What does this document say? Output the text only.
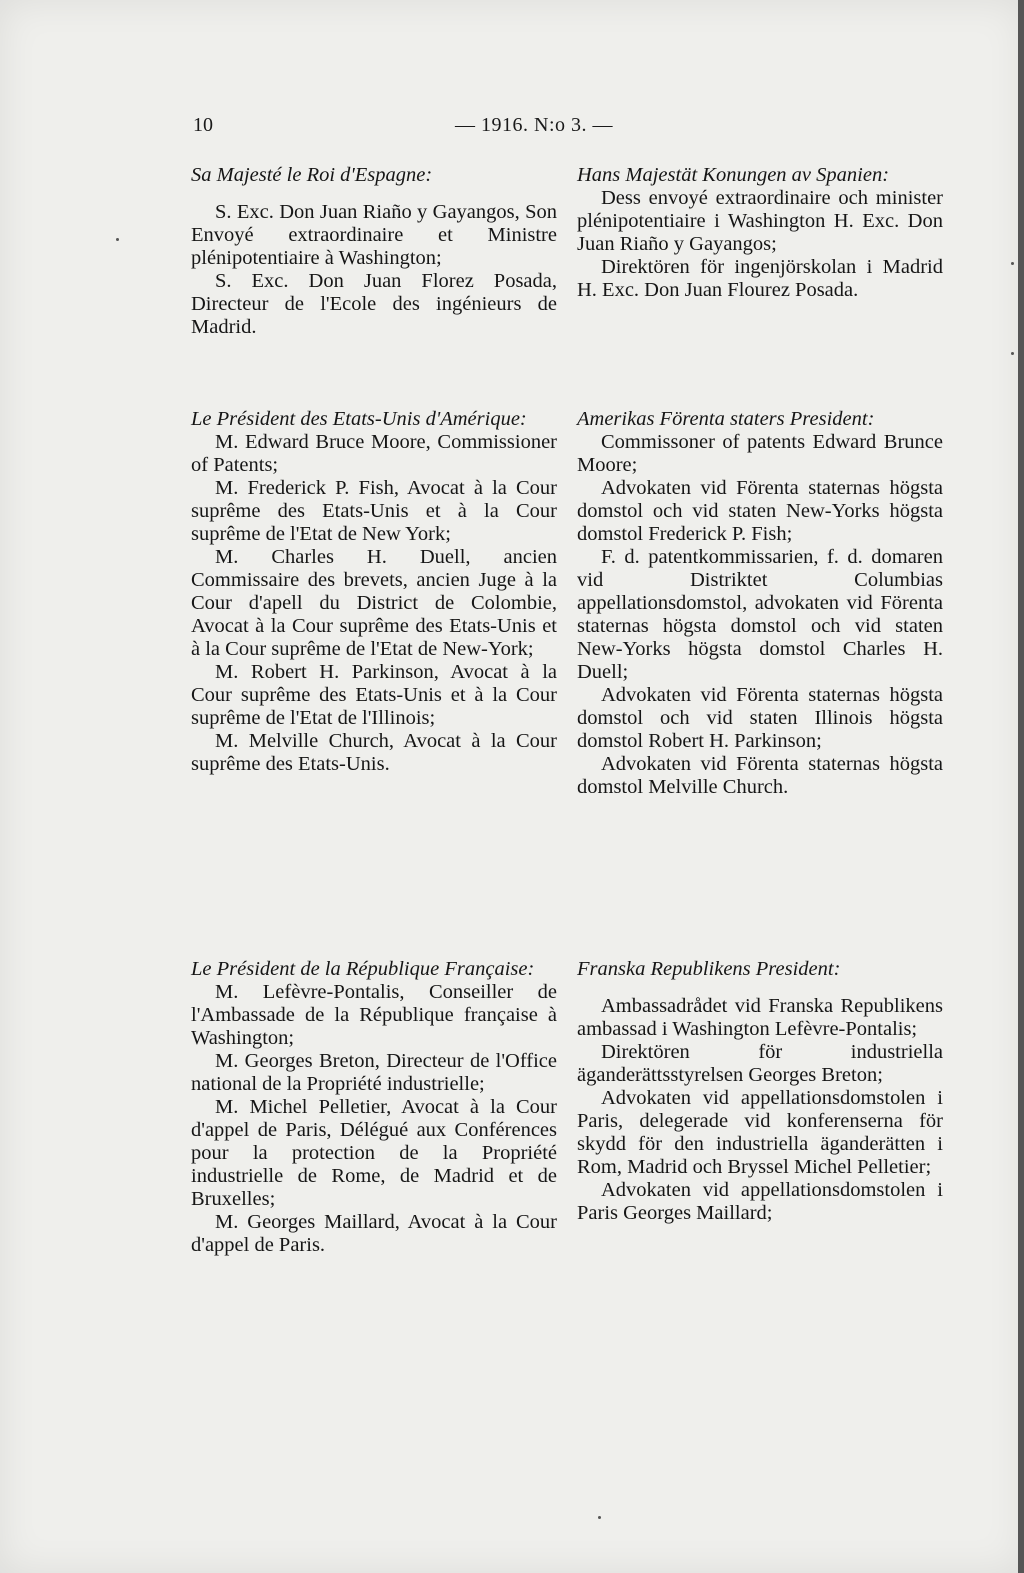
10	— 1916. N:o 3. —

Sa Majesté le Roi d'Espagne:

S. Exc. Don Juan Riaño y Gayangos, Son Envoyé extraordinaire et Ministre plénipotentiaire à Washington;

S. Exc. Don Juan Florez Posada, Directeur de l'Ecole des ingénieurs de Madrid.

Le Président des Etats-Unis d'Amérique:

M. Edward Bruce Moore, Commissioner of Patents;

M. Frederick P. Fish, Avocat à la Cour suprême des Etats-Unis et à la Cour suprême de l'Etat de New York;

M. Charles H. Duell, ancien Commissaire des brevets, ancien Juge à la Cour d'apell du District de Colombie, Avocat à la Cour suprême des Etats-Unis et à la Cour suprême de l'Etat de New-York;

M. Robert H. Parkinson, Avocat à la Cour suprême des Etats-Unis et à la Cour suprême de l'Etat de l'Illinois;

M. Melville Church, Avocat à la Cour suprême des Etats-Unis.

Le Président de la République Française:

M. Lefèvre-Pontalis, Conseiller de l'Ambassade de la République française à Washington;

M. Georges Breton, Directeur de l'Office national de la Propriété industrielle;

M. Michel Pelletier, Avocat à la Cour d'appel de Paris, Délégué aux Conférences pour la protection de la Propriété industrielle de Rome, de Madrid et de Bruxelles;

M. Georges Maillard, Avocat à la Cour d'appel de Paris.

Hans Majestät Konungen av Spanien:

Dess envoyé extraordinaire och minister plénipotentiaire i Washington H. Exc. Don Juan Riaño y Gayangos;

Direktören för ingenjörskolan i Madrid H. Exc. Don Juan Flourez Posada.

Amerikas Förenta staters President:

Commissoner of patents Edward Brunce Moore;

Advokaten vid Förenta staternas högsta domstol och vid staten New-Yorks högsta domstol Frederick P. Fish;

F. d. patentkommissarien, f. d. domaren vid Distriktet Columbias appellationsdomstol, advokaten vid Förenta staternas högsta domstol och vid staten New-Yorks högsta domstol Charles H. Duell;

Advokaten vid Förenta staternas högsta domstol och vid staten Illinois högsta domstol Robert H. Parkinson;

Advokaten vid Förenta staternas högsta domstol Melville Church.

Franska Republikens President:

Ambassadrådet vid Franska Republikens ambassad i Washington Lefèvre-Pontalis;

Direktören för industriella äganderättsstyrelsen Georges Breton;

Advokaten vid appellationsdomstolen i Paris, delegerade vid konferenserna för skydd för den industriella äganderätten i Rom, Madrid och Bryssel Michel Pelletier;

Advokaten vid appellationsdomstolen i Paris Georges Maillard;
